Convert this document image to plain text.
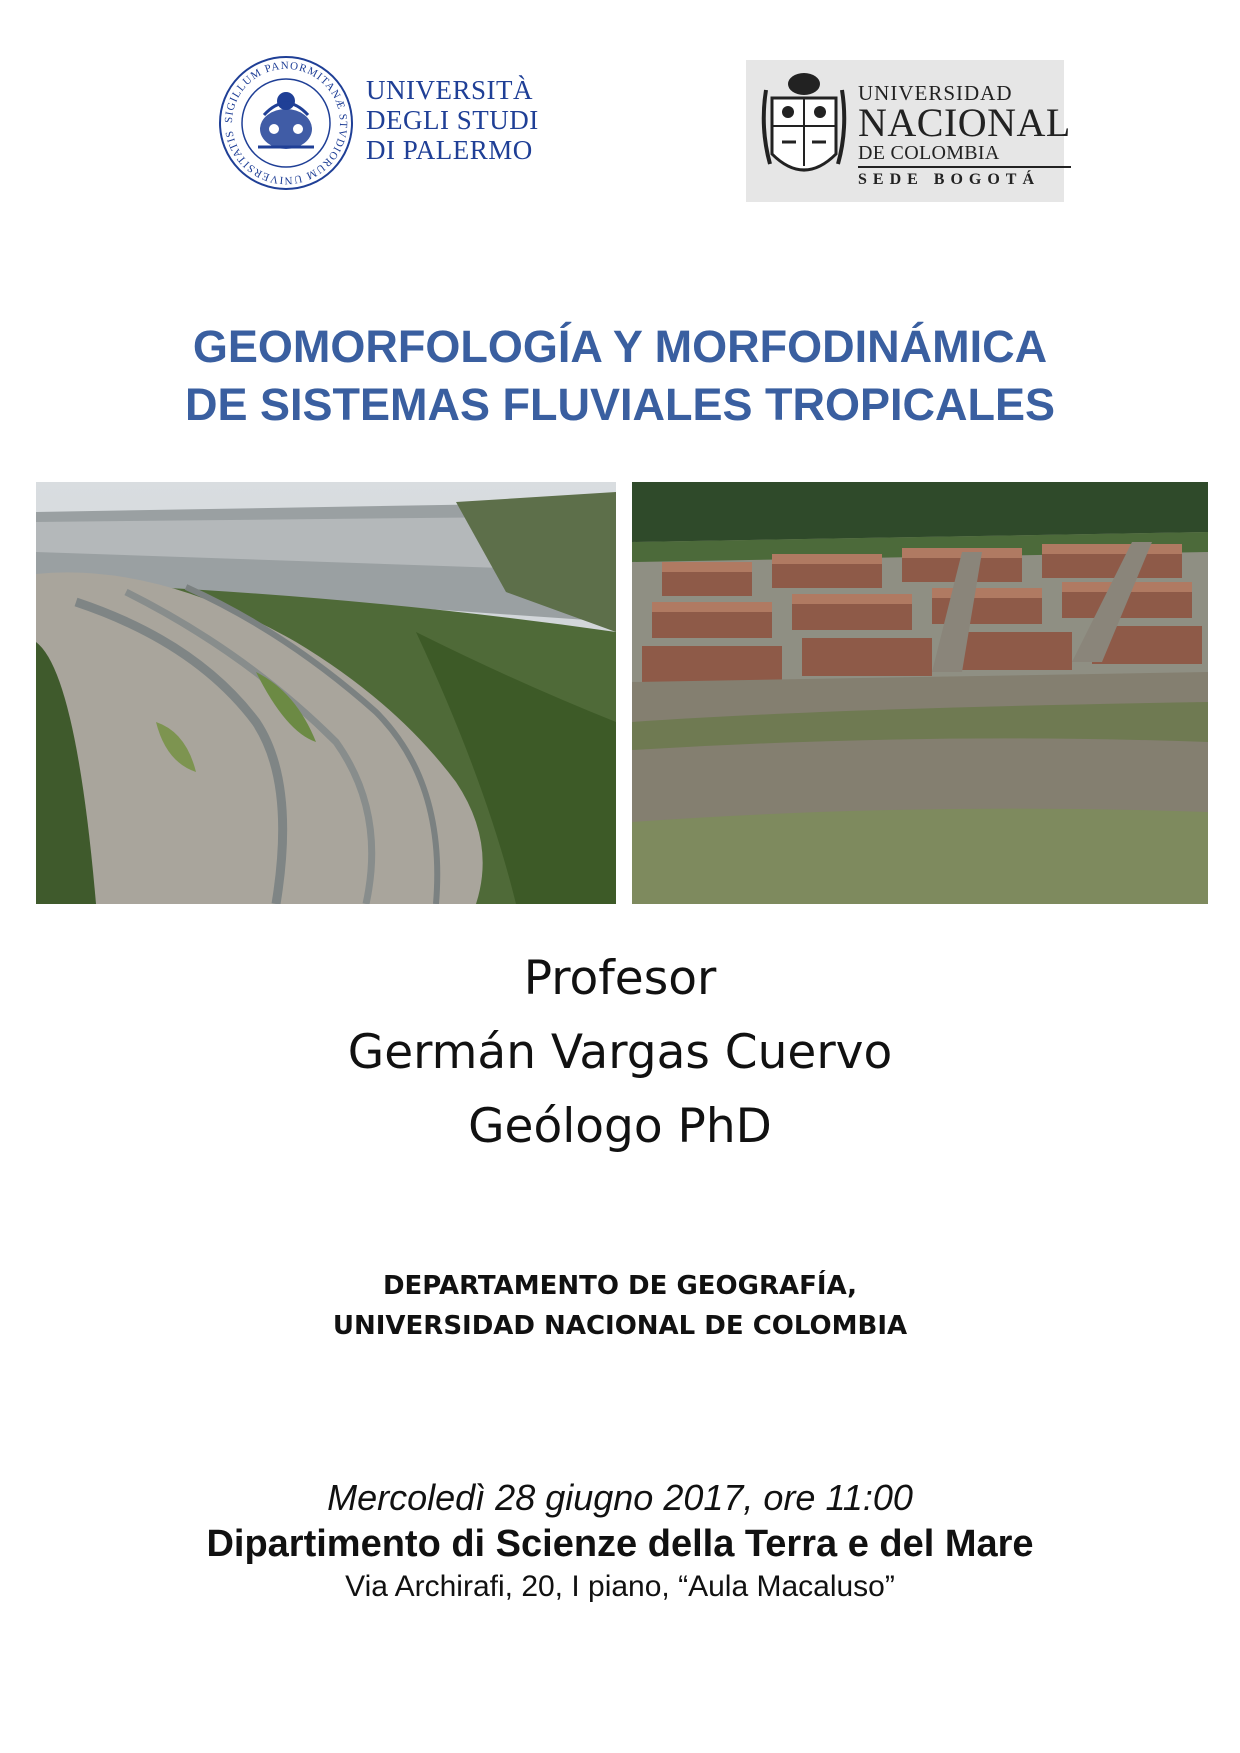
SIGILLUM PANORMITANÆ STVDIORUM UNIVERSITATIS
UNIVERSITÀ
DEGLI STUDI
DI PALERMO
UNIVERSIDAD
NACIONAL
DE COLOMBIA
SEDE BOGOTÁ
GEOMORFOLOGÍA Y MORFODINÁMICA
DE SISTEMAS FLUVIALES TROPICALES
Profesor
Germán Vargas Cuervo
Geólogo PhD
DEPARTAMENTO DE GEOGRAFÍA,
UNIVERSIDAD NACIONAL DE COLOMBIA
Mercoledì 28 giugno 2017, ore 11:00
Dipartimento di Scienze della Terra e del Mare
Via Archirafi, 20, I piano, “Aula Macaluso”
